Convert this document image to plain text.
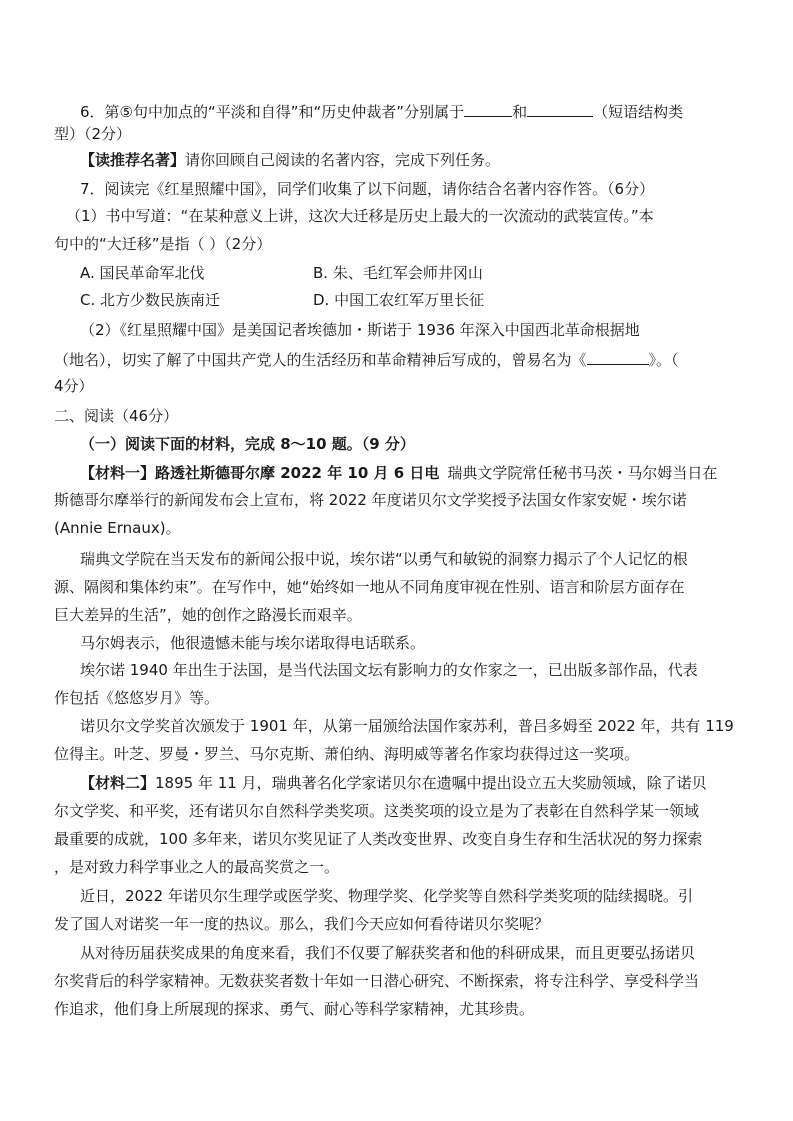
6．第⑤句中加点的“平淡和自得”和“历史仲裁者”分别属于	和	（短语结构类
型）（2分）
【读推荐名著】请你回顾自己阅读的名著内容，完成下列任务。
7．阅读完《红星照耀中国》，同学们收集了以下问题，请你结合名著内容作答。（6分）
（1）书中写道：“在某种意义上讲，这次大迁移是历史上最大的一次流动的武装宣传。”本
句中的“大迁移”是指（ ）（2分）
A. 国民革命军北伐	B. 朱、毛红军会师井冈山
C. 北方少数民族南迁	D. 中国工农红军万里长征
（2）《红星照耀中国》是美国记者埃德加・斯诺于 1936 年深入中国西北革命根据地
（地名），切实了解了中国共产党人的生活经历和革命精神后写成的，曾易名为《	》。（
4分）
二、阅读（46分）
（一）阅读下面的材料，完成 8～10 题。（9 分）
【材料一】路透社斯德哥尔摩 2022 年 10 月 6 日电 瑞典文学院常任秘书马茨・马尔姆当日在
斯德哥尔摩举行的新闻发布会上宣布，将 2022 年度诺贝尔文学奖授予法国女作家安妮・埃尔诺
(Annie Ernaux)。
瑞典文学院在当天发布的新闻公报中说，埃尔诺“以勇气和敏锐的洞察力揭示了个人记忆的根
源、隔阂和集体约束”。在写作中，她“始终如一地从不同角度审视在性别、语言和阶层方面存在
巨大差异的生活”，她的创作之路漫长而艰辛。
马尔姆表示，他很遗憾未能与埃尔诺取得电话联系。
埃尔诺 1940 年出生于法国，是当代法国文坛有影响力的女作家之一，已出版多部作品，代表
作包括《悠悠岁月》等。
诺贝尔文学奖首次颁发于 1901 年，从第一届颁给法国作家苏利，普吕多姆至 2022 年，共有 119
位得主。叶芝、罗曼・罗兰、马尔克斯、萧伯纳、海明威等著名作家均获得过这一奖项。
【材料二】1895 年 11 月，瑞典著名化学家诺贝尔在遗嘱中提出设立五大奖励领域，除了诺贝
尔文学奖、和平奖，还有诺贝尔自然科学类奖项。这类奖项的设立是为了表彰在自然科学某一领域
最重要的成就，100 多年来，诺贝尔奖见证了人类改变世界、改变自身生存和生活状况的努力探索
，是对致力科学事业之人的最高奖赏之一。
近日，2022 年诺贝尔生理学或医学奖、物理学奖、化学奖等自然科学类奖项的陆续揭晓。引
发了国人对诺奖一年一度的热议。那么，我们今天应如何看待诺贝尔奖呢？
从对待历届获奖成果的角度来看，我们不仅要了解获奖者和他的科研成果，而且更要弘扬诺贝
尔奖背后的科学家精神。无数获奖者数十年如一日潜心研究、不断探索，将专注科学、享受科学当
作追求，他们身上所展现的探求、勇气、耐心等科学家精神，尤其珍贵。
